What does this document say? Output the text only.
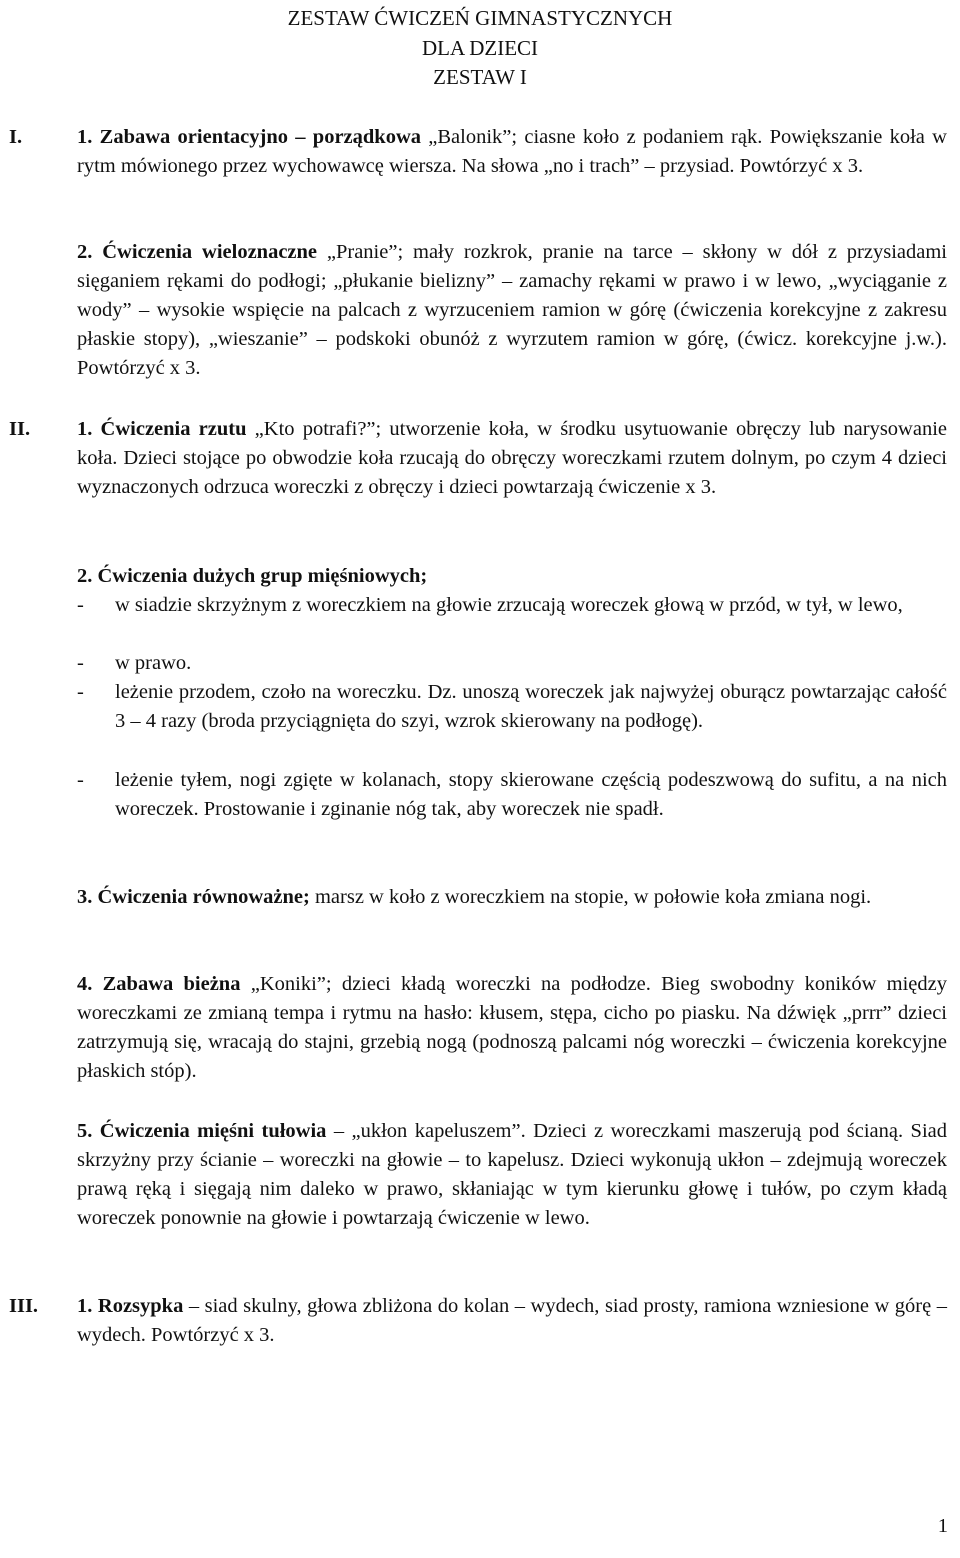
ZESTAW ĆWICZEŃ GIMNASTYCZNYCH
DLA DZIECI
ZESTAW I
I.	1. Zabawa orientacyjno – porządkowa „Balonik”; ciasne koło z podaniem rąk. Powiększanie koła w rytm mówionego przez wychowawcę wiersza. Na słowa „no i trach” – przysiad. Powtórzyć x 3.

2. Ćwiczenia wieloznaczne „Pranie”; mały rozkrok, pranie na tarce – skłony w dół z przysiadami sięganiem rękami do podłogi; „płukanie bielizny” – zamachy rękami w prawo i w lewo, „wyciąganie z wody” – wysokie wspięcie na palcach z wyrzuceniem ramion w górę (ćwiczenia korekcyjne z zakresu płaskie stopy), „wieszanie” – podskoki obunóż z wyrzutem ramion w górę, (ćwicz. korekcyjne j.w.). Powtórzyć x 3.

II. 1. Ćwiczenia rzutu „Kto potrafi?”; utworzenie koła, w środku usytuowanie obręczy lub narysowanie koła. Dzieci stojące po obwodzie koła rzucają do obręczy woreczkami rzutem dolnym, po czym 4 dzieci wyznaczonych odrzuca woreczki z obręczy i dzieci powtarzają ćwiczenie x 3.

2. Ćwiczenia dużych grup mięśniowych;

- w siadzie skrzyżnym z woreczkiem na głowie zrzucają woreczek głową w przód, w tył, w lewo,
- w prawo.
- leżenie przodem, czoło na woreczku. Dz. unoszą woreczek jak najwyżej oburącz powtarzając całość 3 – 4 razy (broda przyciągnięta do szyi, wzrok skierowany na podłogę).
- leżenie tyłem, nogi zgięte w kolanach, stopy skierowane częścią podeszwową do sufitu, a na nich woreczek. Prostowanie i zginanie nóg tak, aby woreczek nie spadł.

3. Ćwiczenia równoważne; marsz w koło z woreczkiem na stopie, w połowie koła zmiana nogi.

4. Zabawa bieżna „Koniki”; dzieci kładą woreczki na podłodze. Bieg swobodny koników między woreczkami ze zmianą tempa i rytmu na hasło: kłusem, stępa, cicho po piasku. Na dźwięk „prrr” dzieci zatrzymują się, wracają do stajni, grzebią nogą (podnoszą palcami nóg woreczki – ćwiczenia korekcyjne płaskich stóp).

5. Ćwiczenia mięśni tułowia – „ukłon kapeluszem”. Dzieci z woreczkami maszerują pod ścianą. Siad skrzyżny przy ścianie – woreczki na głowie – to kapelusz. Dzieci wykonują ukłon – zdejmują woreczek prawą ręką i sięgają nim daleko w prawo, skłaniając w tym kierunku głowę i tułów, po czym kładą woreczek ponownie na głowie i powtarzają ćwiczenie w lewo.

III. 1. Rozsypka – siad skulny, głowa zbliżona do kolan – wydech, siad prosty, ramiona wzniesione w górę – wydech. Powtórzyć x 3.

1
